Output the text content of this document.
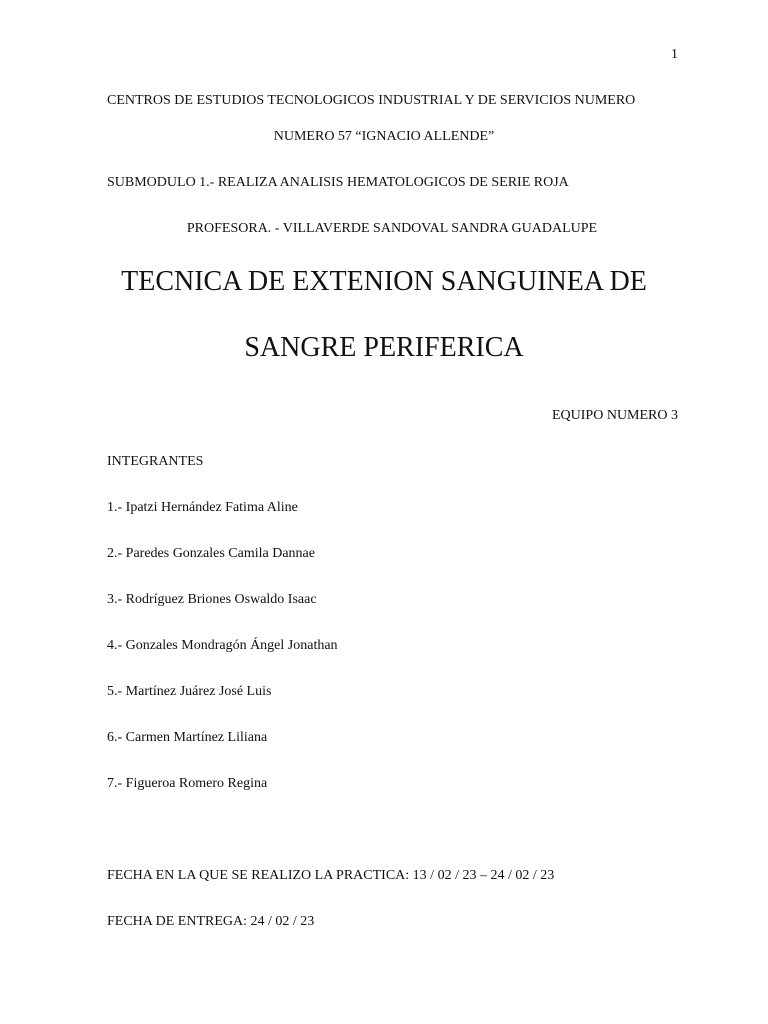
1
CENTROS DE ESTUDIOS TECNOLOGICOS INDUSTRIAL Y DE SERVICIOS NUMERO
NUMERO 57 “IGNACIO ALLENDE”
SUBMODULO 1.- REALIZA ANALISIS HEMATOLOGICOS DE SERIE ROJA
PROFESORA. - VILLAVERDE SANDOVAL SANDRA GUADALUPE
TECNICA DE EXTENION SANGUINEA DE
SANGRE PERIFERICA
EQUIPO NUMERO 3
INTEGRANTES
1.- Ipatzi Hernández Fatima Aline
2.- Paredes Gonzales Camila Dannae
3.- Rodríguez Briones Oswaldo Isaac
4.- Gonzales Mondragón Ángel Jonathan
5.- Martínez Juárez José Luis
6.- Carmen Martínez Liliana
7.- Figueroa Romero Regina
FECHA EN LA QUE SE REALIZO LA PRACTICA: 13 / 02 / 23 – 24 / 02 / 23
FECHA DE ENTREGA: 24 / 02 / 23
